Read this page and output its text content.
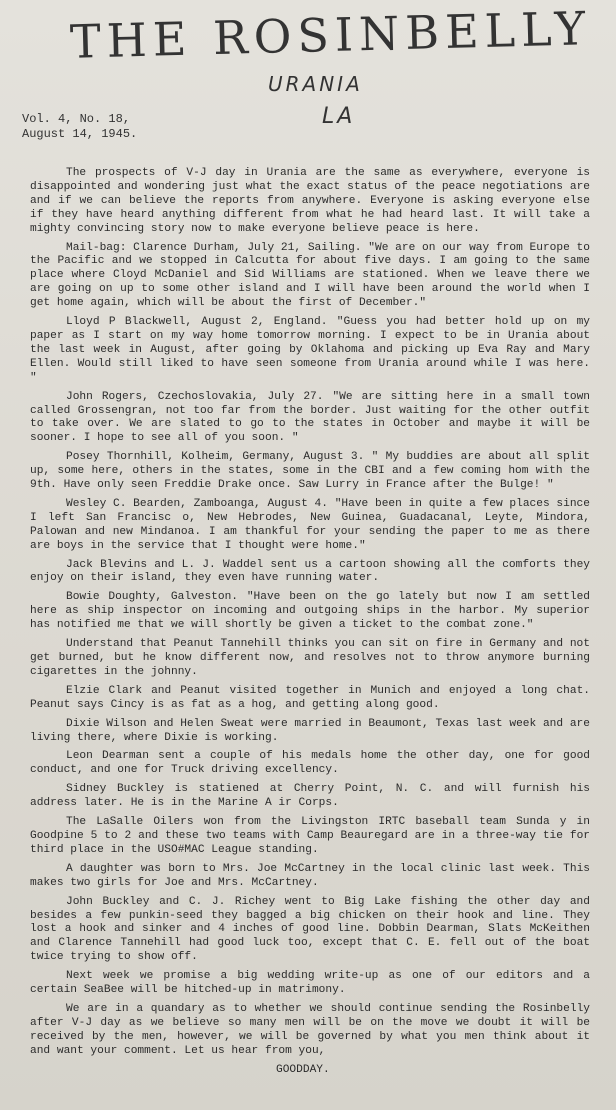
THE ROSINBELLY
URANIA
LA
Vol. 4, No. 18,
August 14, 1945.

The prospects of V-J day in Urania are the same as everywhere, everyone is disappointed and wondering just what the exact status of the peace negotiations are and if we can believe the reports from anywhere. Everyone is asking everyone else if they have heard anything different from what he had heard last. It will take a mighty convincing story now to make everyone believe peace is here.

Mail-bag: Clarence Durham, July 21, Sailing. "We are on our way from Europe to the Pacific and we stopped in Calcutta for about five days. I am going to the same place where Cloyd McDaniel and Sid Williams are stationed. When we leave there we are going on up to some other island and I will have been around the world when I get home again, which will be about the first of December."

Lloyd P Blackwell, August 2, England. "Guess you had better hold up on my paper as I start on my way home tomorrow morning. I expect to be in Urania about the last week in August, after going by Oklahoma and picking up Eva Ray and Mary Ellen. Would still liked to have seen someone from Urania around while I was here. "

John Rogers, Czechoslovakia, July 27. "We are sitting here in a small town called Grossengran, not too far from the border. Just waiting for the other outfit to take over. We are slated to go to the states in October and maybe it will be sooner. I hope to see all of you soon. "

Posey Thornhill, Kolheim, Germany, August 3. " My buddies are about all split up, some here, others in the states, some in the CBI and a few coming hom with the 9th. Have only seen Freddie Drake once. Saw Lurry in France after the Bulge! "

Wesley C. Bearden, Zamboanga, August 4. "Have been in quite a few places since I left San Francisc o, New Hebrodes, New Guinea, Guadacanal, Leyte, Mindora, Palowan and new Mindanoa. I am thankful for your sending the paper to me as there are boys in the service that I thought were home."

Jack Blevins and L. J. Waddel sent us a cartoon showing all the comforts they enjoy on their island, they even have running water.

Bowie Doughty, Galveston. "Have been on the go lately but now I am settled here as ship inspector on incoming and outgoing ships in the harbor. My superior has notified me that we will shortly be given a ticket to the combat zone."

Understand that Peanut Tannehill thinks you can sit on fire in Germany and not get burned, but he know different now, and resolves not to throw anymore burning cigarettes in the johnny.

Elzie Clark and Peanut visited together in Munich and enjoyed a long chat. Peanut says Cincy is as fat as a hog, and getting along good.

Dixie Wilson and Helen Sweat were married in Beaumont, Texas last week and are living there, where Dixie is working.

Leon Dearman sent a couple of his medals home the other day, one for good conduct, and one for Truck driving excellency.

Sidney Buckley is statiened at Cherry Point, N. C. and will furnish his address later. He is in the Marine A ir Corps.

The LaSalle Oilers won from the Livingston IRTC baseball team Sunda y in Goodpine 5 to 2 and these two teams with Camp Beauregard are in a three-way tie for third place in the USO#MAC League standing.

A daughter was born to Mrs. Joe McCartney in the local clinic last week. This makes two girls for Joe and Mrs. McCartney.

John Buckley and C. J. Richey went to Big Lake fishing the other day and besides a few punkin-seed they bagged a big chicken on their hook and line. They lost a hook and sinker and 4 inches of good line. Dobbin Dearman, Slats McKeithen and Clarence Tannehill had good luck too, except that C. E. fell out of the boat twice trying to show off.

Next week we promise a big wedding write-up as one of our editors and a certain SeaBee will be hitched-up in matrimony.

We are in a quandary as to whether we should continue sending the Rosinbelly after V-J day as we believe so many men will be on the move we doubt it will be received by the men, however, we will be governed by what you men think about it and want your comment. Let us hear from you,

GOODDAY.
